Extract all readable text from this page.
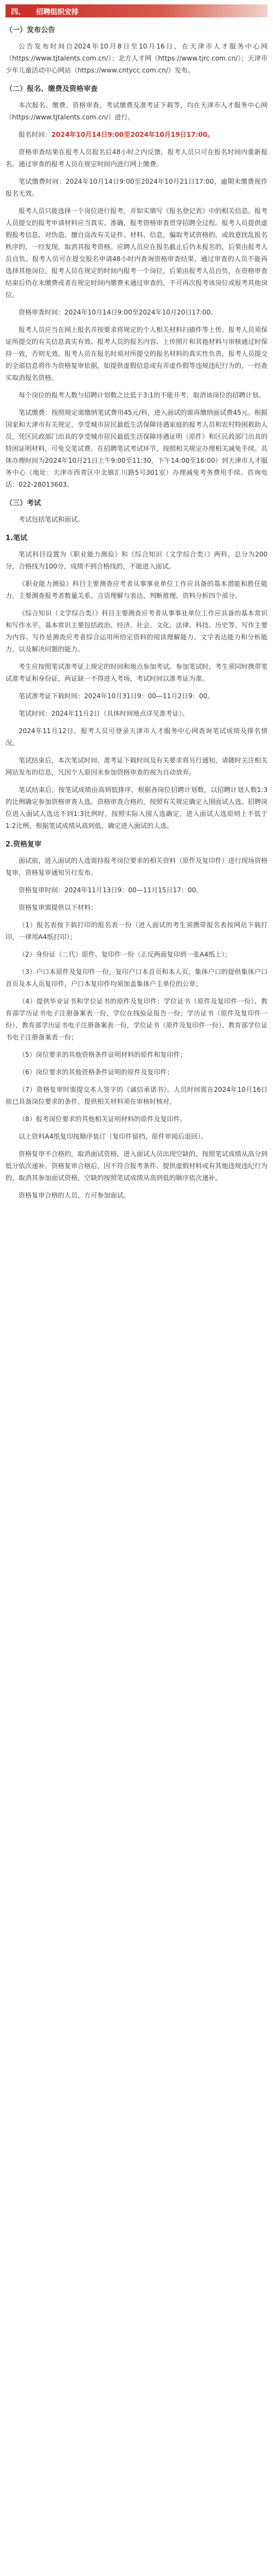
四、	招聘组织安排
（一）发布公告
公告发布时间自2024年10月8日至10月16日，在天津市人才服务中心网（https://www.tjtalents.com.cn/）；北方人才网（https://www.tjrc.com.cn/）；天津市少年儿童活动中心网站（https://www.cntycc.com.cn/）发布。
（二）报名、缴费及资格审查
本次报名、缴费、资格审查、考试缴费及准考证下载等，均在天津市人才服务中心网（https://www.tjtalents.com.cn/）进行。
报名时间：2024年10月14日9:00至2024年10月19日17:00。
资格审查结果在报考人员报名后48小时之内反馈，报考人员只可在报名时间内重新报名。通过审查的报考人员在规定时间内进行网上缴费。
笔试缴费时间：2024年10月14日9:00至2024年10月21日17:00，逾期未缴费视作报名无效。
报考人员只能选择一个岗位进行报考，并如实填写《报名登记表》中的相关信息。报考人员提交的报考申请材料应当真实、准确，报考资格审查贯穿招聘全过程。报考人员提供虚假报考信息、对伪造、擅自涂改有关证件、材料、信息，骗取考试资格的，或故意扰乱报名秩序的，一经发现，取消其报考资格。应聘人员应在报名截止后仍未报名的，后果由报考人员自负。报考人员可在提交报名申请48小时内查询资格审查结果，通过审查的人员不能再选择其他岗位。报考人员在规定的时间内报考一个岗位，后果由报考人员自负，在资格审查结束后仍在未缴费或者在规定时间内缴费未通过审查的，不可再次报考该岗位或报考其他岗位。
资格审查时间：2024年10月14日9:00至2024年10月20日17:00。
报考人员应当在网上报名并按要求将规定的个人相关材料扫描件等上传。报考人员须保证所提交的有关信息真实有效、报考人员的报名内容、上传照片和其他材料与审核通过时保持一致，否则无效。报考人员在报名时须对所提交的报名材料的真实性负责，报考人员提交的全部信息将作为资格复审依据，如提供虚假信息或有弄虚作假等违规违纪行为的，一经查实取消报名资格。
每个岗位的报考人数与招聘计划数之比低于3:1的不能开考，取消该岗位的招聘计划。
笔试缴费：按照规定需缴纳笔试费用45元/科，进入面试的需再缴纳面试费45元。根据国家和天津市有关规定，享受城市居民最低生活保障待遇家庭的报考人员和农村特困救助人员，凭区民政部门出具的享受城市居民最低生活保障待遇证明（原件）和区民政部门出具的特困证明材料，可免交笔试费。在招聘笔试考试环节，按照相关规定办理相关减免手续。具体办理时间为2024年10月21日上午9:00至11:30，下午14:00至16:00）到天津市人才服务中心（地址：天津市西青区中北镇汇川路5号301室）办理减免考务费用手续。咨询电话：022-28013603。
（三）考试
考试包括笔试和面试。
1.笔试
笔试科目设置为《职业能力测验》和《综合知识（文学综合类）》两科，总分为200分，合格线为100分，成绩不到合格线的，不能进入面试。
《职业能力测验》科目主要测查应考者从事事业单位工作应具备的基本潜能和胜任能力，主要测查报考者数量关系、言语理解与表达、判断推理、资料分析四个部分。
《综合知识（文学综合类）》科目主要测查应考者从事事业单位工作应具备的基本常识和写作水平。基本常识主要包括政治、经济、社会、文化、法律、科技、历史等，写作主要为内容。写作是测查应考者综合运用所给定资料的阅读理解能力、文字表达能力和分析能力，以及解决问题的能力。
考生应按照笔试准考证上规定的时间和地点参加考试。参加笔试时，考生须同时携带笔试准考证和身份证，两证缺一不得进入考场，考试时间以准考证为准。
笔试准考证下载时间：2024年10月31日9：00—11月2日9：00。
笔试时间：2024年11月2日（具体时间地点详见准考证）。
2024年11月12日，报考人员可登录天津市人才服务中心网查询笔试成绩及排名情况。
笔试结束后，本次笔试时间、准考证下载时间及有关要求将另行通知，请随时关注相关网站发布的信息，凡因个人原因未参加资格审查的视为自动放弃。
笔试结束后，按笔试成绩由高到低排序，根据各岗位招聘计划数，以招聘计划人数1:3的比例确定参加资格审查人选。资格审查合格的，按照有关规定确定入围面试人选。招聘岗位进入面试人选达不到1:3比例时，按照实际入围人选确定，进入面试人选原则上不低于1:2比例，根据笔试成绩从高到低，确定进入面试的人选。
2.资格复审
面试前，进入面试的人选需持报考岗位要求的相关资料（原件及复印件）进行现场资格复审，资格复审通知另行发布。
资格复审时间：2024年11月13日9：00—11月15日17：00。
资格复审需提供以下材料：
（1）报名表按下载打印的报名表一份（进入面试的考生须携带报名表按网站下载打印，一律用A4纸打印）；
（2）身份证（二代）原件、复印件一份（正反两面复印到一张A4纸上）；
（3）户口本原件及复印件一份，复印户口本首页和本人页，集体户口的提供集体户口首页及本人页复印件，户口本复印件均须加盖集体户主单位的公章；
（4）提供毕业证书和学位证书的原件及复印件；学位证书（原件及复印件一份）、教育部学历证书电子注册备案表一份，学位在线验证报告一份；学历证书（原件及复印件一份）、教育部学历证书电子注册备案表一份，学位证书（原件及复印件一份）、教育部学位证书电子注册备案表一份；
（5）岗位要求的其他资格条件证明材料的原件和复印件；
（6）岗位要求的其他资格条件证明的原件及复印件；
（7）资格复审时需提交本人签字的《诚信承诺书》。人员时间需在2024年10月16日前已具备岗位要求的条件，提供相关材料须在审核时核对。
（8）报考岗位要求的其他相关证明材料的原件及复印件。
以上资料A4纸复印按顺序装订（复印件留档，原件审阅后退回）。
资格复审不合格的，取消面试资格，进入面试人员出现空缺的，按照笔试成绩从高分到低分依次递补。资格复审合格后，因不符合报考条件、提供虚假材料或有其他违规违纪行为的，取消其参加面试资格，空缺的按照笔试成绩从高到低的顺序依次递补。
资格复审合格的人员，方可参加面试。
